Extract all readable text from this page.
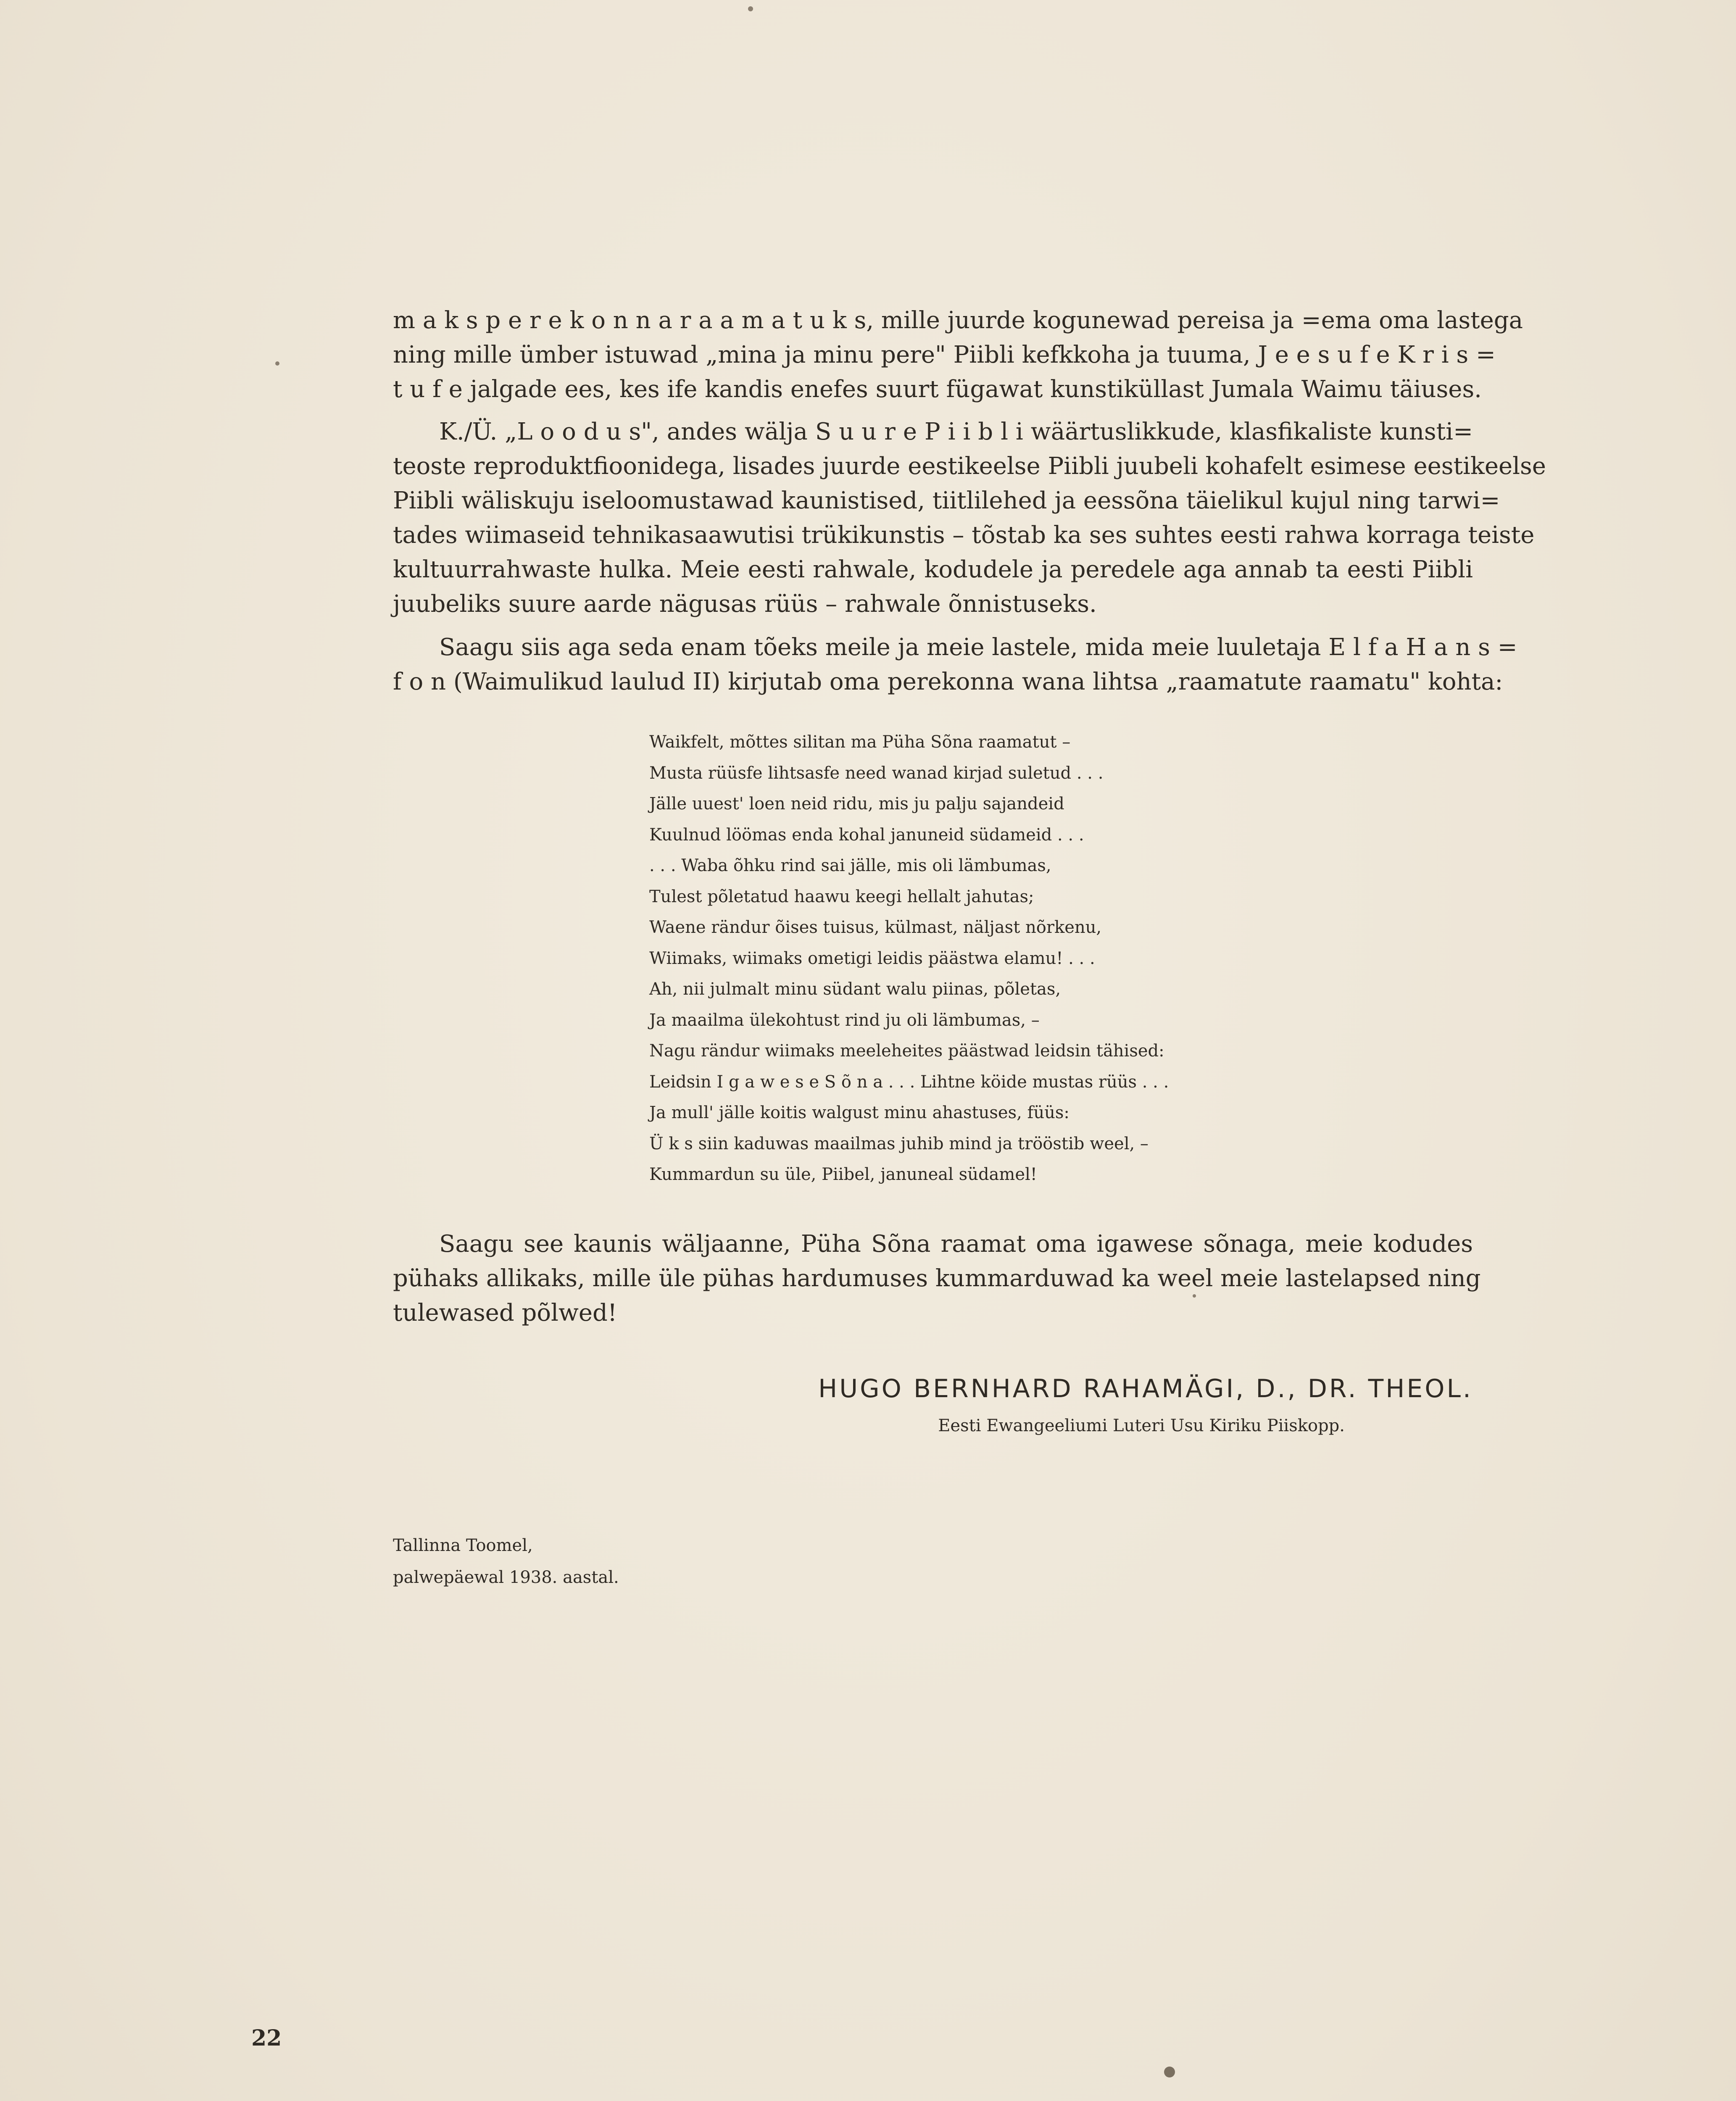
m a k s p e r e k o n n a r a a m a t u k s, mille juurde kogunewad pereisa ja =ema oma lastega
ning mille ümber istuwad „mina ja minu pere" Piibli kefkkoha ja tuuma, J e e s u f e K r i s =
t u f e jalgade ees, kes ife kandis enefes suurt fügawat kunstiküllast Jumala Waimu täiuses.

K./Ü. „L o o d u s", andes wälja S u u r e P i i b l i wäärtuslikkude, klasfikaliste kunsti=
teoste reproduktfioonidega, lisades juurde eestikeelse Piibli juubeli kohafelt esimese eestikeelse
Piibli wäliskuju iseloomustawad kaunistised, tiitlilehed ja eessõna täielikul kujul ning tarwi=
tades wiimaseid tehnikasaawutisi trükikunstis – tõstab ka ses suhtes eesti rahwa korraga teiste
kultuurrahwaste hulka. Meie eesti rahwale, kodudele ja peredele aga annab ta eesti Piibli
juubeliks suure aarde nägusas rüüs – rahwale õnnistuseks.

Saagu siis aga seda enam tõeks meile ja meie lastele, mida meie luuletaja E l f a H a n s =
f o n (Waimulikud laulud II) kirjutab oma perekonna wana lihtsa „raamatute raamatu" kohta:

Waikfelt, mõttes silitan ma Püha Sõna raamatut –
Musta rüüsfe lihtsasfe need wanad kirjad suletud . . .
Jälle uuest' loen neid ridu, mis ju palju sajandeid
Kuulnud löömas enda kohal januneid südameid . . .
. . . Waba õhku rind sai jälle, mis oli lämbumas,
Tulest põletatud haawu keegi hellalt jahutas;
Waene rändur õises tuisus, külmast, näljast nõrkenu,
Wiimaks, wiimaks ometigi leidis päästwa elamu! . . .
Ah, nii julmalt minu südant walu piinas, põletas,
Ja maailma ülekohtust rind ju oli lämbumas, –
Nagu rändur wiimaks meeleheites päästwad leidsin tähised:
Leidsin I g a w e s e S õ n a . . . Lihtne köide mustas rüüs . . .
Ja mull' jälle koitis walgust minu ahastuses, füüs:
Ü k s siin kaduwas maailmas juhib mind ja trööstib weel, –
Kummardun su üle, Piibel, januneal südamel!

Saagu see kaunis wäljaanne, Püha Sõna raamat oma igawese sõnaga, meie kodudes
pühaks allikaks, mille üle pühas hardumuses kummarduwad ka weel meie lastelapsed ning
tulewased põlwed!

HUGO BERNHARD RAHAMÄGI, D., DR. THEOL.
Eesti Ewangeeliumi Luteri Usu Kiriku Piiskopp.
Tallinna Toomel,
palwepäewal 1938. aastal.
22
